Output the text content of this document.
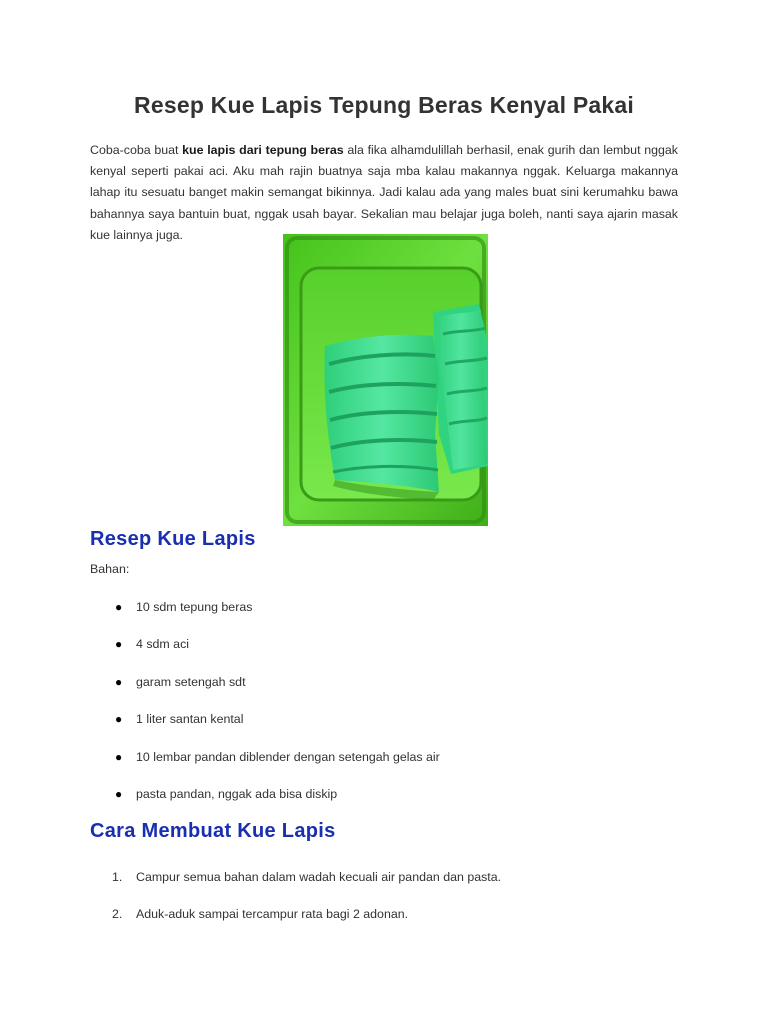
Resep Kue Lapis Tepung Beras Kenyal Pakai
Coba-coba buat kue lapis dari tepung beras ala fika alhamdulillah berhasil, enak gurih dan lembut nggak kenyal seperti pakai aci. Aku mah rajin buatnya saja mba kalau makannya nggak. Keluarga makannya lahap itu sesuatu banget makin semangat bikinnya. Jadi kalau ada yang males buat sini kerumahku bawa bahannya saya bantuin buat, nggak usah bayar. Sekalian mau belajar juga boleh, nanti saya ajarin masak kue lainnya juga.
Resep Kue Lapis
Bahan:
● 10 sdm tepung beras
● 4 sdm aci
● garam setengah sdt
● 1 liter santan kental
● 10 lembar pandan diblender dengan setengah gelas air
● pasta pandan, nggak ada bisa diskip
Cara Membuat Kue Lapis
1. Campur semua bahan dalam wadah kecuali air pandan dan pasta.
2. Aduk-aduk sampai tercampur rata bagi 2 adonan.
